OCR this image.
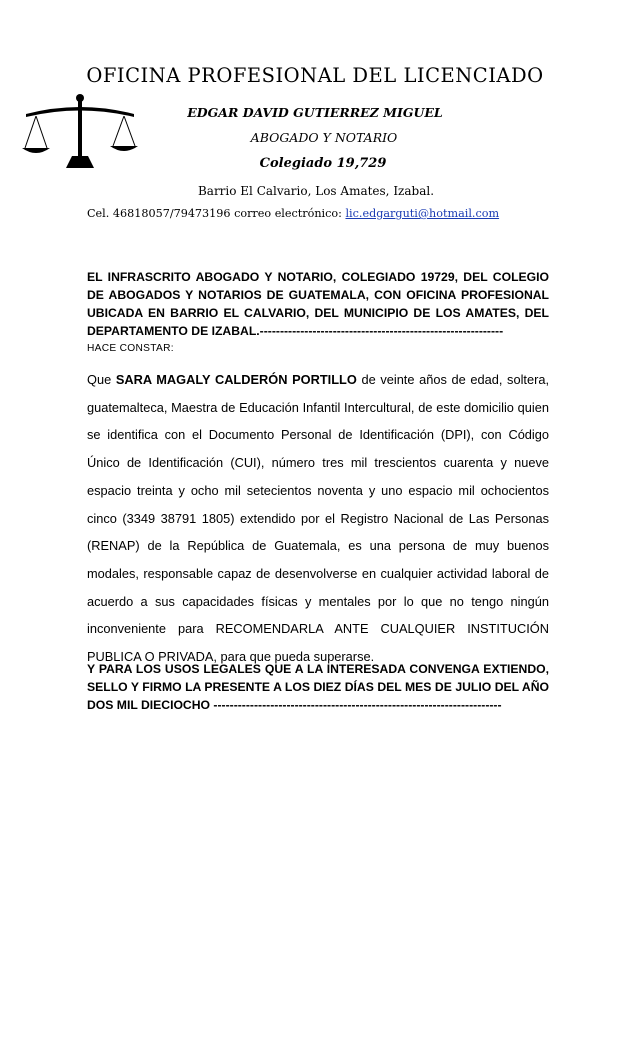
OFICINA PROFESIONAL DEL LICENCIADO
EDGAR DAVID GUTIERREZ MIGUEL
ABOGADO Y NOTARIO
Colegiado 19,729
Barrio El Calvario, Los Amates, Izabal.
Cel. 46818057/79473196 correo electrónico: lic.edgarguti@hotmail.com
EL INFRASCRITO ABOGADO Y NOTARIO, COLEGIADO 19729, DEL COLEGIO DE ABOGADOS Y NOTARIOS DE GUATEMALA, CON OFICINA PROFESIONAL UBICADA EN BARRIO EL CALVARIO, DEL MUNICIPIO DE LOS AMATES, DEL DEPARTAMENTO DE IZABAL.------------------------------------------------------------
HACE CONSTAR:
Que SARA MAGALY CALDERÓN PORTILLO de veinte años de edad, soltera, guatemalteca, Maestra de Educación Infantil Intercultural, de este domicilio quien se identifica con el Documento Personal de Identificación (DPI), con Código Único de Identificación (CUI), número tres mil trescientos cuarenta y nueve espacio treinta y ocho mil setecientos noventa y uno espacio mil ochocientos cinco (3349 38791 1805) extendido por el Registro Nacional de Las Personas (RENAP) de la República de Guatemala, es una persona de muy buenos modales, responsable capaz de desenvolverse en cualquier actividad laboral de acuerdo a sus capacidades físicas y mentales por lo que no tengo ningún inconveniente para RECOMENDARLA ANTE CUALQUIER INSTITUCIÓN PUBLICA O PRIVADA, para que pueda superarse.
Y PARA LOS USOS LEGALES QUE A LA INTERESADA CONVENGA EXTIENDO, SELLO Y FIRMO LA PRESENTE A LOS DIEZ DÍAS DEL MES DE JULIO DEL AÑO DOS MIL DIECIOCHO -----------------------------------------------------------------------
